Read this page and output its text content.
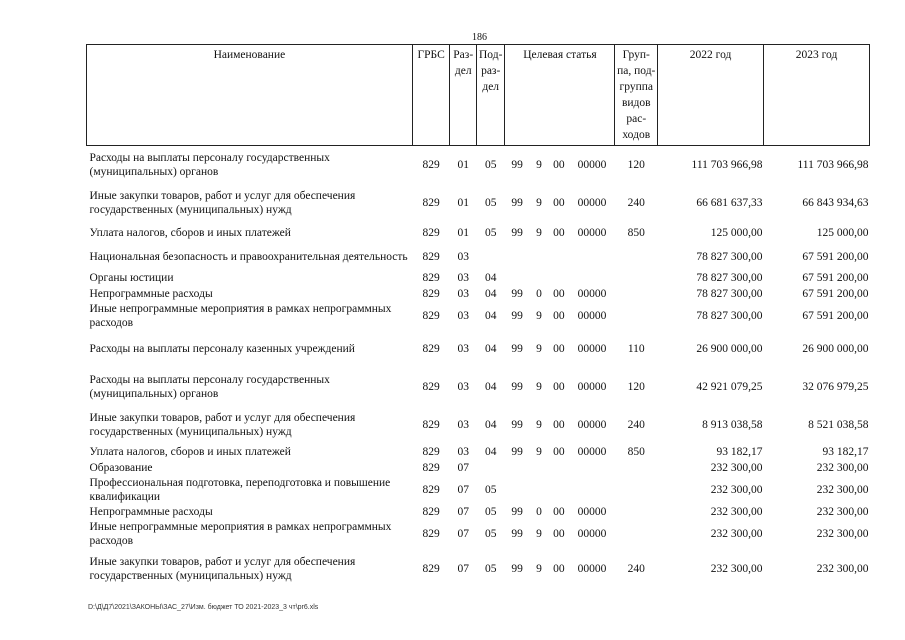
186
Наименование	ГРБС	Раз-дел	Под-раз-дел	Целевая статья				Груп-па, под-группа видов рас-ходов	2022 год	2023 год
Расходы на выплаты персоналу государственных (муниципальных) органов	829	01	05	99	9	00	00000	120	111 703 966,98	111 703 966,98
Иные закупки товаров, работ и услуг для обеспечения государственных (муниципальных) нужд	829	01	05	99	9	00	00000	240	66 681 637,33	66 843 934,63
Уплата налогов, сборов и иных платежей	829	01	05	99	9	00	00000	850	125 000,00	125 000,00
Национальная безопасность и правоохранительная деятельность	829	03							78 827 300,00	67 591 200,00
Органы юстиции	829	03	04						78 827 300,00	67 591 200,00
Непрограммные расходы	829	03	04	99	0	00	00000		78 827 300,00	67 591 200,00
Иные непрограммные мероприятия в рамках непрограммных расходов	829	03	04	99	9	00	00000		78 827 300,00	67 591 200,00
Расходы на выплаты персоналу казенных учреждений	829	03	04	99	9	00	00000	110	26 900 000,00	26 900 000,00
Расходы на выплаты персоналу государственных (муниципальных) органов	829	03	04	99	9	00	00000	120	42 921 079,25	32 076 979,25
Иные закупки товаров, работ и услуг для обеспечения государственных (муниципальных) нужд	829	03	04	99	9	00	00000	240	8 913 038,58	8 521 038,58
Уплата налогов, сборов и иных платежей	829	03	04	99	9	00	00000	850	93 182,17	93 182,17
Образование	829	07							232 300,00	232 300,00
Профессиональная подготовка, переподготовка и повышение квалификации	829	07	05						232 300,00	232 300,00
Непрограммные расходы	829	07	05	99	0	00	00000		232 300,00	232 300,00
Иные непрограммные мероприятия в рамках непрограммных расходов	829	07	05	99	9	00	00000		232 300,00	232 300,00
Иные закупки товаров, работ и услуг для обеспечения государственных (муниципальных) нужд	829	07	05	99	9	00	00000	240	232 300,00	232 300,00
D:\Д\Д7\2021\ЗАКОНЫ\ЗАС_27\Изм. бюджет ТО 2021-2023_3 чт\pr6.xls
